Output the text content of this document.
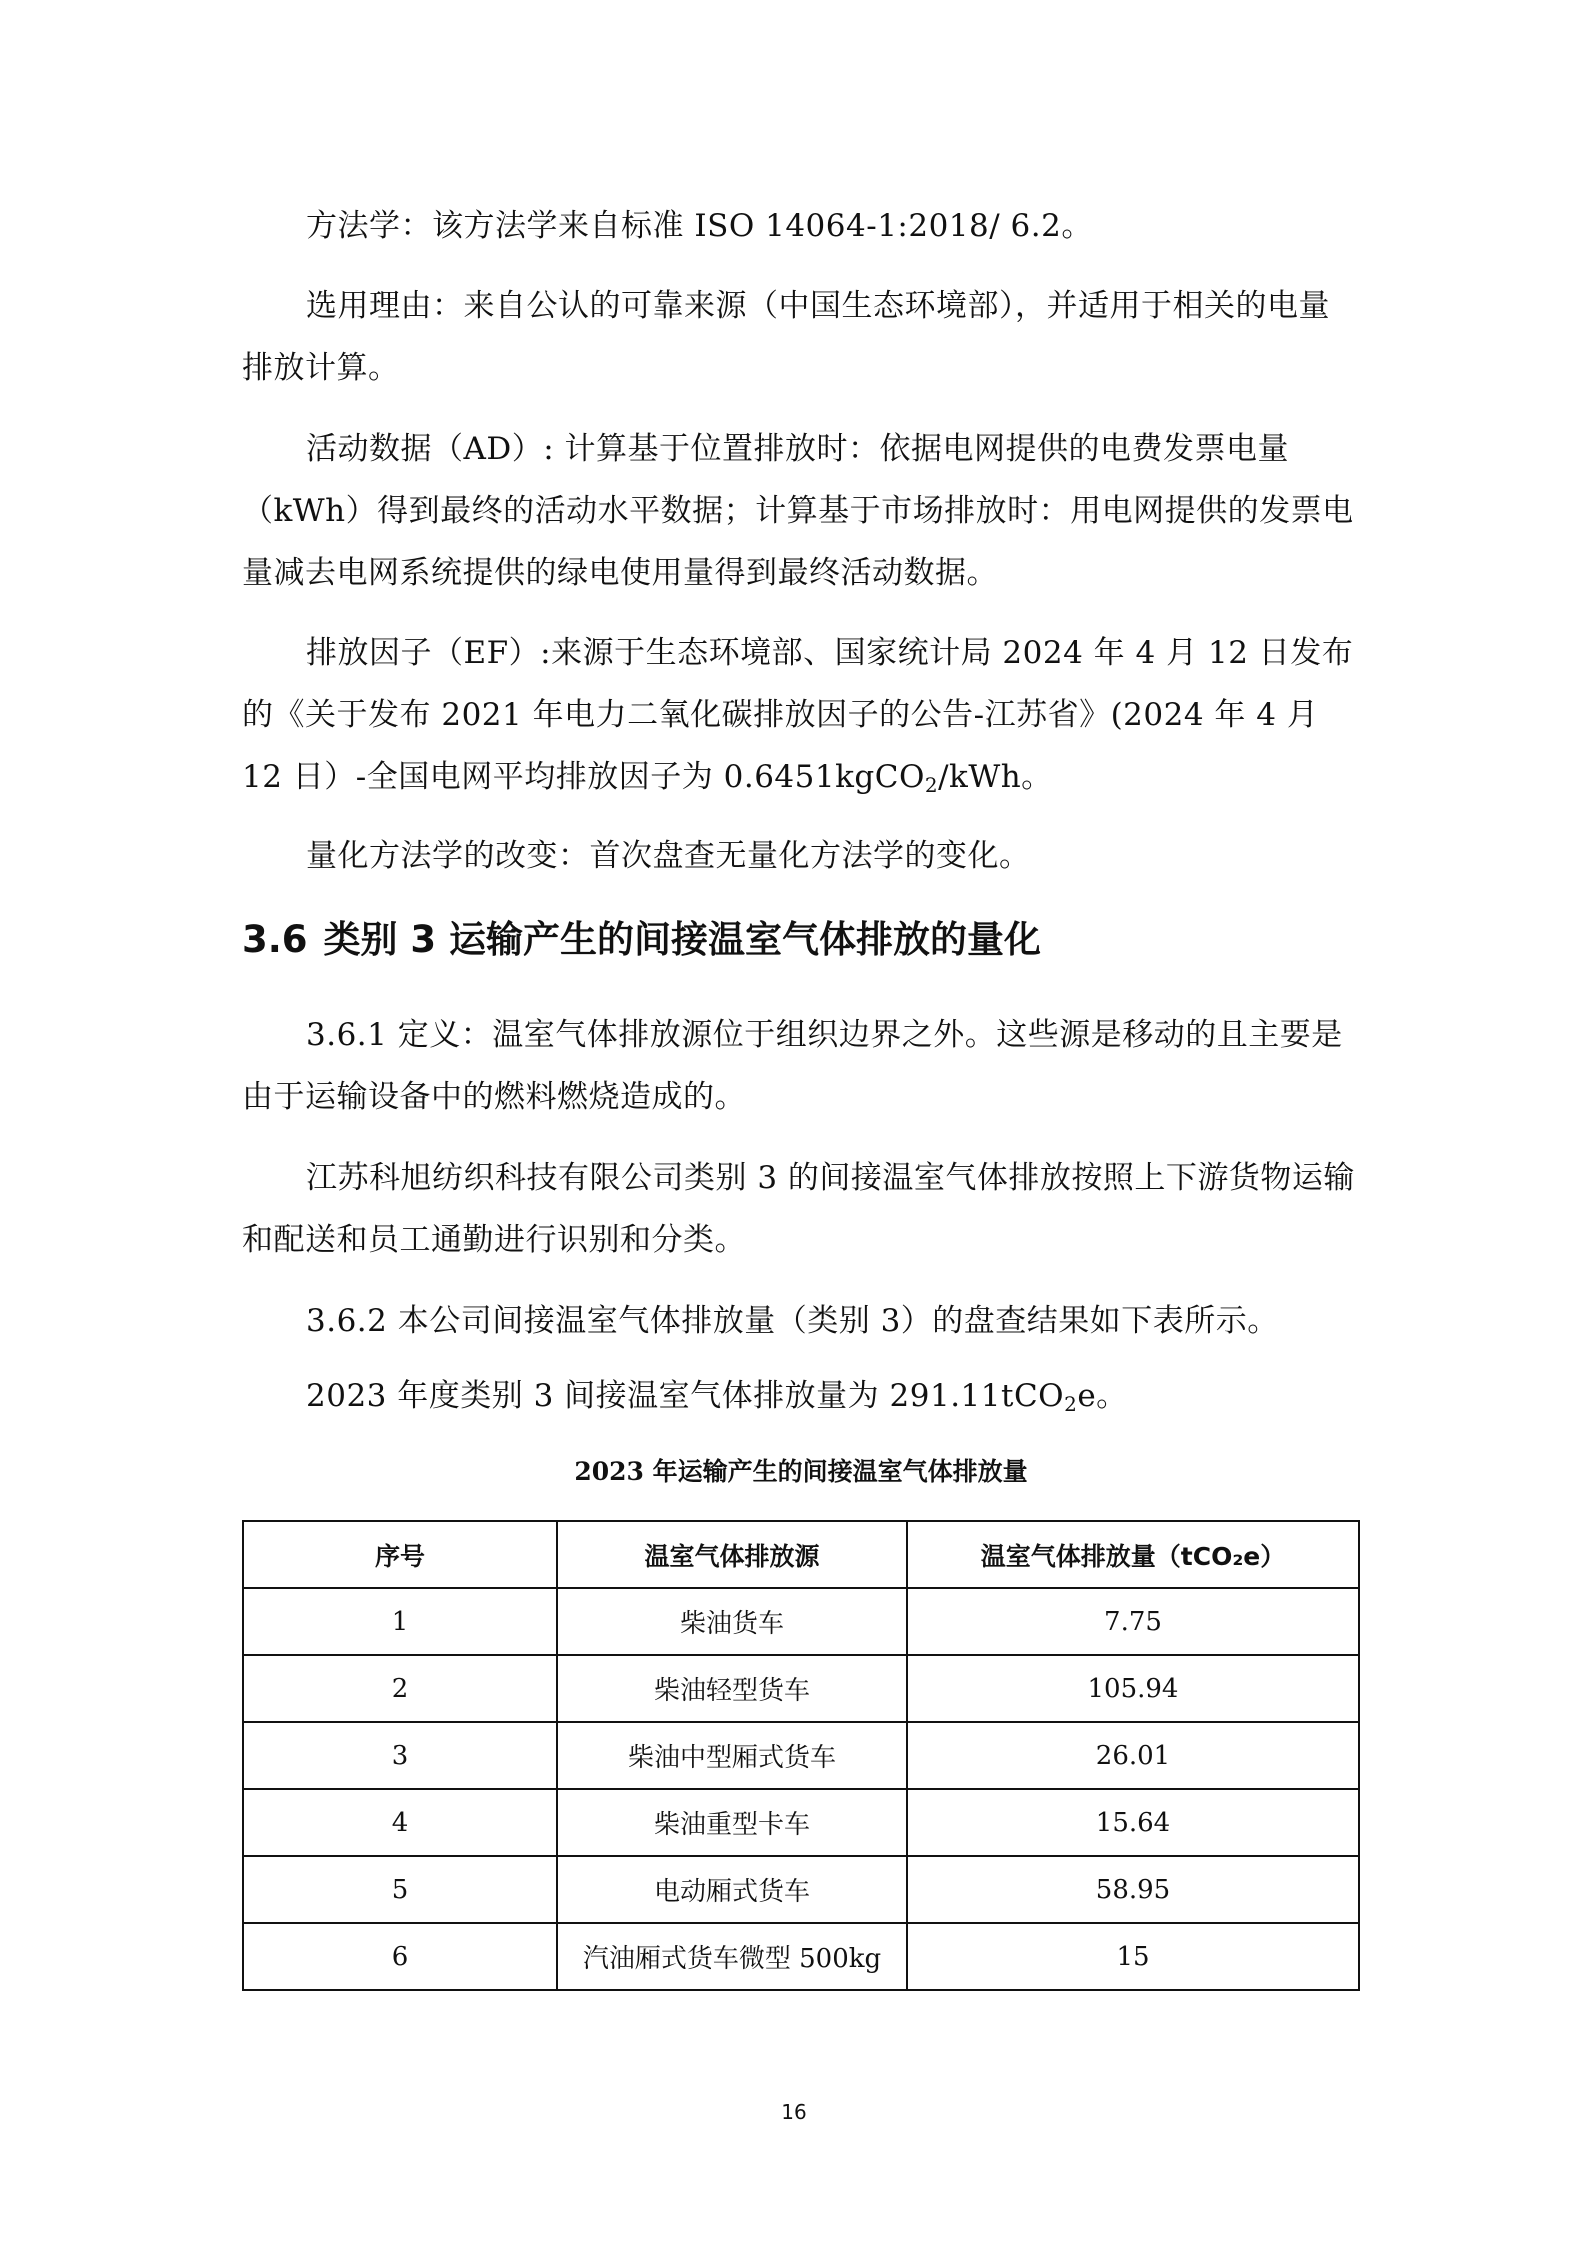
方法学：该方法学来自标准 ISO 14064-1:2018/ 6.2。

选用理由：来自公认的可靠来源（中国生态环境部），并适用于相关的电量排放计算。

活动数据（AD）: 计算基于位置排放时：依据电网提供的电费发票电量（kWh）得到最终的活动水平数据；计算基于市场排放时：用电网提供的发票电量减去电网系统提供的绿电使用量得到最终活动数据。

排放因子（EF）:来源于生态环境部、国家统计局 2024 年 4 月 12 日发布的《关于发布 2021 年电力二氧化碳排放因子的公告-江苏省》(2024 年 4 月 12 日）-全国电网平均排放因子为 0.6451kgCO$_2$/kWh。

量化方法学的改变：首次盘查无量化方法学的变化。

3.6 类别 3 运输产生的间接温室气体排放的量化

3.6.1 定义：温室气体排放源位于组织边界之外。这些源是移动的且主要是由于运输设备中的燃料燃烧造成的。

江苏科旭纺织科技有限公司类别 3 的间接温室气体排放按照上下游货物运输和配送和员工通勤进行识别和分类。

3.6.2 本公司间接温室气体排放量（类别 3）的盘查结果如下表所示。

2023 年度类别 3 间接温室气体排放量为 291.11tCO$_2$e。

2023 年运输产生的间接温室气体排放量
序号	温室气体排放源	温室气体排放量（tCO₂e）
1	柴油货车	7.75
2	柴油轻型货车	105.94
3	柴油中型厢式货车	26.01
4	柴油重型卡车	15.64
5	电动厢式货车	58.95
6	汽油厢式货车微型 500kg	15
16
